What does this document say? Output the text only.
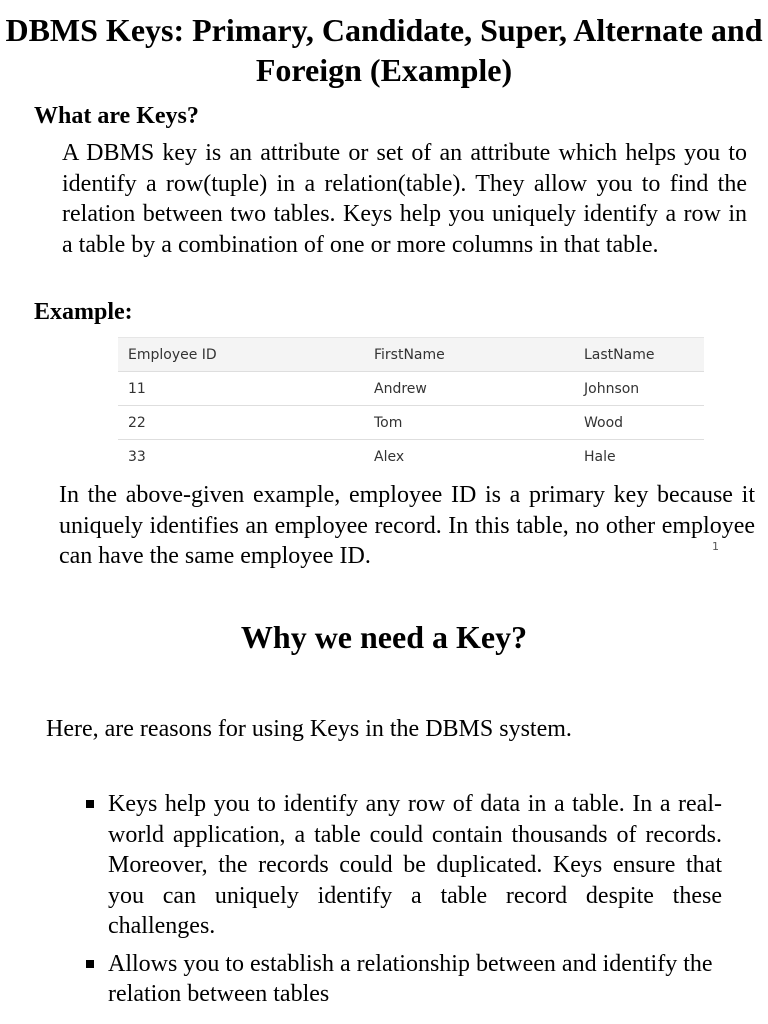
DBMS Keys: Primary, Candidate, Super, Alternate and Foreign (Example)
What are Keys?

A DBMS key is an attribute or set of an attribute which helps you to identify a row(tuple) in a relation(table). They allow you to find the relation between two tables. Keys help you uniquely identify a row in a table by a combination of one or more columns in that table.

Example:
Employee ID	FirstName	LastName
11	Andrew	Johnson
22	Tom	Wood
33	Alex	Hale

In the above-given example, employee ID is a primary key because it uniquely identifies an employee record. In this table, no other employee can have the same employee ID.	1
Why we need a Key?
Here, are reasons for using Keys in the DBMS system.
Keys help you to identify any row of data in a table. In a real-world application, a table could contain thousands of records. Moreover, the records could be duplicated. Keys ensure that you can uniquely identify a table record despite these challenges.
Allows you to establish a relationship between and identify the relation between tables
